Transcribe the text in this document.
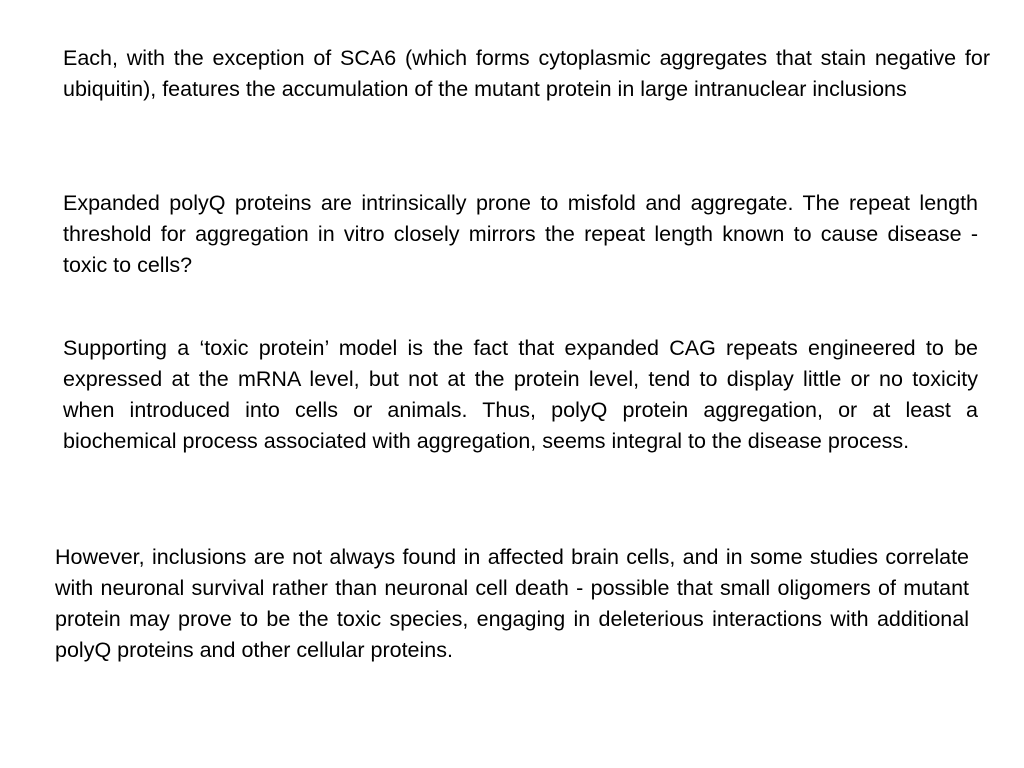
Each, with the exception of SCA6 (which forms cytoplasmic aggregates that stain negative for ubiquitin), features the accumulation of the mutant protein in large intranuclear inclusions

Expanded polyQ proteins are intrinsically prone to misfold and aggregate. The repeat length threshold for aggregation in vitro closely mirrors the repeat length known to cause disease - toxic to cells?

Supporting a ‘toxic protein’ model is the fact that expanded CAG repeats engineered to be expressed at the mRNA level, but not at the protein level, tend to display little or no toxicity when introduced into cells or animals. Thus, polyQ protein aggregation, or at least a biochemical process associated with aggregation, seems integral to the disease process.

However, inclusions are not always found in affected brain cells, and in some studies correlate with neuronal survival rather than neuronal cell death - possible that small oligomers of mutant protein may prove to be the toxic species, engaging in deleterious interactions with additional polyQ proteins and other cellular proteins.
